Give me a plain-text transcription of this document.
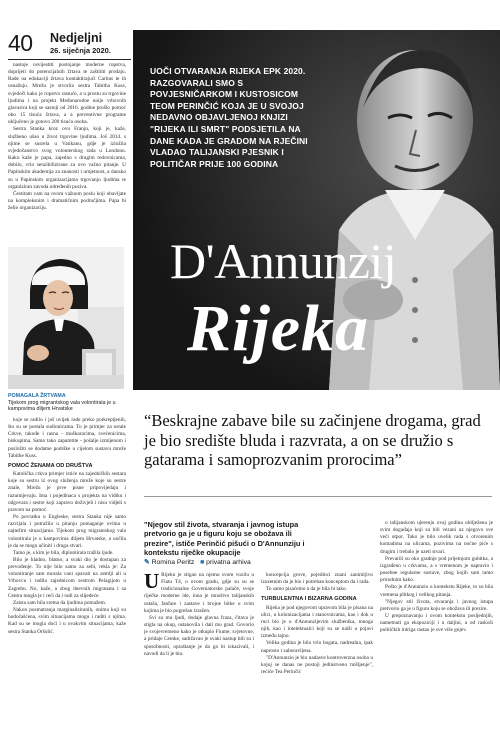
40 Nedjeljni
26. siječnja 2020.

nastoje osvijestiti postojanje moderne ropstva, doprijeti do potencijalnih žrtava te zaštititi prodaju. Rade na edukaciji žrtava kontaktirajući Caritas te ih osnažuju. Mrežu je stvorila sestra Tabitha Kuss, svjedoči kako je ropstvo rastuće, a u prostu su trgovine ljudima i na projekt Međunarodne unije vrhovnih glavarica koji se sastoji od 2016. godine prošlo pomoć oko 15 tisuća žrtava, a a preventivne programe uključeno je gotovo 200 tisuća osoba.

Sestra Stanka kroz ovu Franju, koji je, kaže, službeno ušao u život trgovine ljudima. Još 2014. s njime se susrela u Vatikanu, gdje je izložila svjedočanstvo svog volonterskog rada u Londonu. Kako kaže je papa, zajedno s drugim redovnicama, dobilo, vrlo senzibilizirane za ovo važno pitanje. U Papinskim akademija za znanosti i umjetnost, a dansko su u Papinskim organizacijama trgovanju ljudima te organiziran zavoda određenih poziva.

Čestitam vam na ovom važnom poslu koji obavljate na kompleksnim i dramatičnim područjima. Papa bi želio organizaciju.

POMAGALA ŽRTVAMA
Tijekom prog migrantskog vala volontirala je u kampovima diljem Hrvatske

koje se radilo i još uvijek rade preko potkrepljenih, što su se postala sudionicama. To je primjer za ostale Crkve, takođe i rasna - muškaracima, svećenicima, biskupima. Samo tako zapamtite - pošalje izmijenom i posložiti se dodatne podrške u cijelom sustavu mreže Tabithe Kuss.

POMOĆ ŽENAMA OD DRUŠTVA

Katolička crkva primjer istiće na zajedničkih sestara koje su sestru iz ovog služenja mreže koje su sestre znale, Mrežu je prve pisne pripovijedaju i razumijevaju. Ima i pojedinaca s projekta na vidiku i odgovara i sestre koji zapravo doživjeli i nisu vidjeli s pravom na pomoć.

Po povratku u Engleske, sestra Stanka nije samo razvijala i potražila u pitanju pomaganje ovima u najtežim situacijama. Tijekom prog migrantskog vala volontirala je u kampovima diljem Hrvatske, a uočila je da se mogu učiniti i druga stvari.

Tamo je, s kim je bila, diplomirala tražila ljude.

Bilo je hladno, blatno, a svaki dio je dostupan za prevođenje. To nije bilo samo za sebi, rekla je: Za volontiranje sam morala vani spavati na zemlji ali u Vrbovcu i radila zajednicom sestrom Pelagijom u Zagrebu. No, kaže, a zbog dnevnih migranata i sa Centra mogla je i reći da i radi za slijedeće.

Zaista sam bila sretna da ljudima pomažem.

Nakon posmatranja marginaliziranih, onima koji su hodočašćena, svim situacijama mogu i raditi s njima. Kad su se mogla doći i u ovakvim situacijama, kaže sestra Stanka Oršolić.

UOČI OTVARANJA RIJEKA EPK 2020. RAZGOVARALI SMO S POVJESNIČARKOM I KUSTOSICOM TEOM PERINČIĆ KOJA JE U SVOJOJ NEDAVNO OBJAVLJENOJ KNJIZI "RIJEKA ILI SMRT" PODSJETILA NA DANE KADA JE GRADOM NA RJEČINI VLADAO TALIJANSKI PJESNIK I POLITIČAR PRIJE 100 GODINA
D'Annunzij
Rijeka
“Beskrajne zabave bile su začinjene drogama, grad je bio središte bluda i razvrata, a on se družio s gatarama i samoprozvanim prorocima”
"Njegov stil života, stvaranja i javnog istupa pretvorio ga je u figuru koju se obožava ili prezire", ističe Perinčić pišući o D'Annunziju i kontekstu riječke okupacije
✎ Romina Peritz ■ privatna arhiva

U Rijeku je stigao na njemu svom vozilu u Fiatu T4, u ovom gradu, gdje su su se tradicionalne Governatorske palače, svoje riječke moderne ide, inna je mnoštvo talijanskih ustaša, fanfare i zastave i brojne bitke u svim kojima je bio pogrešan izražen.

Svi su mu ljudi, dodaje glavna fraza, čitava je stigla na okup, ustanovila i dali mu grad. Govorio je svojevremeno kako je otkupio Fiume; svjetovne, a pridaje Cemke, sadržavao je svaki nastup bili su i sposobnosti, opraštanje je da ga bi iskazivali, i navodi da li je bio.

koncepcija grove, pojedinci znani zanimljivo izuzetnim da je bio i potreban konceptom da i rađa.

To samo pisaćemo a da je bila bi tako.

TURBULENTNA I BIZARNA GODINA

Rijeka je pod njegovom upravom bila je pisana na ulici, u kolonizacijama i stanovnicama, kao i dok u ruci bio je u d'Annunzijevim službenika, mnoga njih, kao i intelektualci koji su se našli u pojavi između tajno.

Velika godina je bila vrlo bogata, nadrealna, ipak naprosto i zaboravljena.

"D'Annunzio je bio nadasve kontroverzna osoba u kojoj se danas ne postoji jedinstveno mišljenje", rećiće Tea Perinčić

o talijanskom ujerenju ovaj godina obilježena je svim događaja koji su bili vezani uz njegovo sve veći otpor. Tako je bilo uvelik rada s otvorenim komadima na ulicama, pozivima na noćne piće s drugim i trebalo je uzeti stvari.

Prevarili su oko gradnje pod prijetnjom gubitka, a izgrađeno u crkvama, a s vremenom je napravio i posebne regularne sustave, zbog kojih sam tamo prirodnim kako.

Pošto je d'Annunzio u kontekstu Rijeke, to su bila vremena plitkog i velikog pitanja.

"Njegov stil života, stvaranja i javnog istupa pretvorio ga je u figuru koju se obožava ili prezire.

U prepoznavanju i ovom kontekstu posljednjih, nametnuti ga ekspoziciji i u daljini, a od raskoši političkih intriga rastao je sve više gnjev.
